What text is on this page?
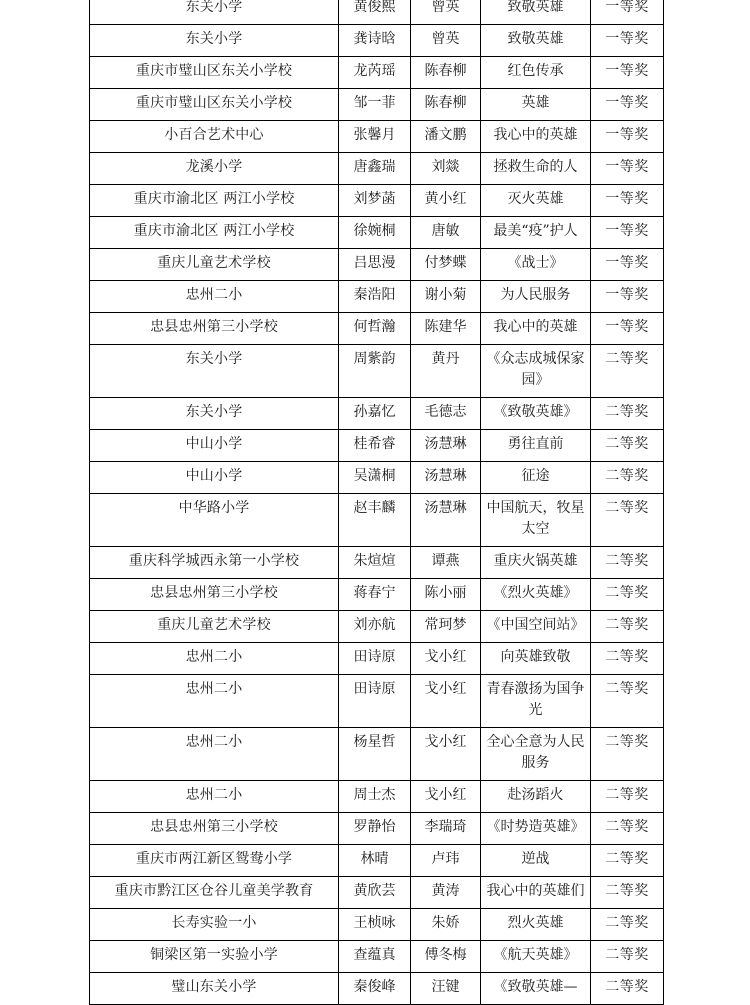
东关小学	黄俊熙	曾英	致敬英雄	一等奖
东关小学	龚诗晗	曾英	致敬英雄	一等奖
重庆市璧山区东关小学校	龙芮瑶	陈春柳	红色传承	一等奖
重庆市璧山区东关小学校	邹一菲	陈春柳	英雄	一等奖
小百合艺术中心	张馨月	潘文鹏	我心中的英雄	一等奖
龙溪小学	唐鑫瑞	刘燚	拯救生命的人	一等奖
重庆市渝北区 两江小学校	刘梦菡	黄小红	灭火英雄	一等奖
重庆市渝北区 两江小学校	徐婉桐	唐敏	最美“疫”护人	一等奖
重庆儿童艺术学校	吕思漫	付梦蝶	《战士》	一等奖
忠州二小	秦浩阳	谢小菊	为人民服务	一等奖
忠县忠州第三小学校	何哲瀚	陈建华	我心中的英雄	一等奖
东关小学	周紫韵	黄丹	《众志成城保家园》	二等奖
东关小学	孙嘉忆	毛德志	《致敬英雄》	二等奖
中山小学	桂希睿	汤慧琳	勇往直前	二等奖
中山小学	吴潇桐	汤慧琳	征途	二等奖
中华路小学	赵丰麟	汤慧琳	中国航天，牧星太空	二等奖
重庆科学城西永第一小学校	朱煊煊	谭燕	重庆火锅英雄	二等奖
忠县忠州第三小学校	蒋春宁	陈小丽	《烈火英雄》	二等奖
重庆儿童艺术学校	刘亦航	常珂梦	《中国空间站》	二等奖
忠州二小	田诗原	戈小红	向英雄致敬	二等奖
忠州二小	田诗原	戈小红	青春激扬为国争光	二等奖
忠州二小	杨星哲	戈小红	全心全意为人民服务	二等奖
忠州二小	周士杰	戈小红	赴汤蹈火	二等奖
忠县忠州第三小学校	罗静怡	李瑞琦	《时势造英雄》	二等奖
重庆市两江新区鸳鸯小学	林晴	卢玮	逆战	二等奖
重庆市黔江区仓谷儿童美学教育	黄欣芸	黄涛	我心中的英雄们	二等奖
长寿实验一小	王桢咏	朱娇	烈火英雄	二等奖
铜梁区第一实验小学	查蕴真	傅冬梅	《航天英雄》	二等奖
璧山东关小学	秦俊峰	汪键	《致敬英雄—	二等奖
